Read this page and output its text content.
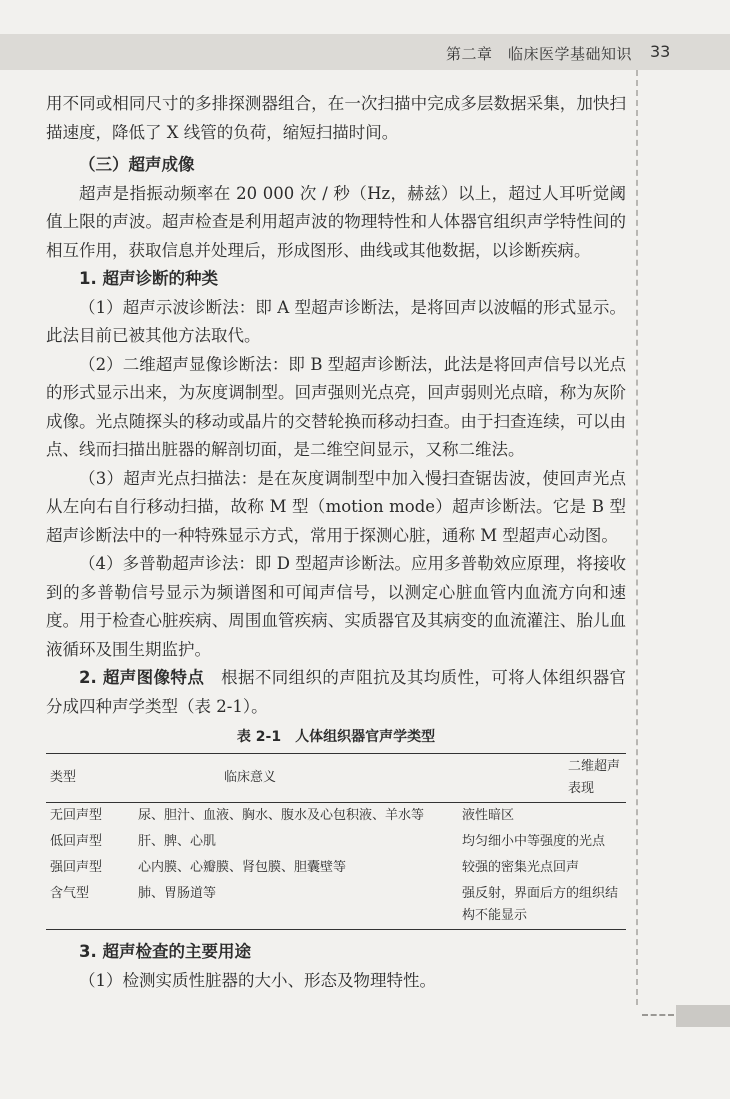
第二章　临床医学基础知识 33

用不同或相同尺寸的多排探测器组合，在一次扫描中完成多层数据采集，加快扫描速度，降低了 X 线管的负荷，缩短扫描时间。

（三）超声成像

超声是指振动频率在 20 000 次 / 秒（Hz，赫兹）以上，超过人耳听觉阈值上限的声波。超声检查是利用超声波的物理特性和人体器官组织声学特性间的相互作用，获取信息并处理后，形成图形、曲线或其他数据，以诊断疾病。

1. 超声诊断的种类

（1）超声示波诊断法：即 A 型超声诊断法，是将回声以波幅的形式显示。此法目前已被其他方法取代。

（2）二维超声显像诊断法：即 B 型超声诊断法，此法是将回声信号以光点的形式显示出来，为灰度调制型。回声强则光点亮，回声弱则光点暗，称为灰阶成像。光点随探头的移动或晶片的交替轮换而移动扫查。由于扫查连续，可以由点、线而扫描出脏器的解剖切面，是二维空间显示，又称二维法。

（3）超声光点扫描法：是在灰度调制型中加入慢扫查锯齿波，使回声光点从左向右自行移动扫描，故称 M 型（motion mode）超声诊断法。它是 B 型超声诊断法中的一种特殊显示方式，常用于探测心脏，通称 M 型超声心动图。

（4）多普勒超声诊法：即 D 型超声诊断法。应用多普勒效应原理，将接收到的多普勒信号显示为频谱图和可闻声信号，以测定心脏血管内血流方向和速度。用于检查心脏疾病、周围血管疾病、实质器官及其病变的血流灌注、胎儿血液循环及围生期监护。

2. 超声图像特点　 根据不同组织的声阻抗及其均质性，可将人体组织器官分成四种声学类型（表 2-1）。

表 2-1　人体组织器官声学类型
类型	临床意义	二维超声表现
无回声型	尿、胆汁、血液、胸水、腹水及心包积液、羊水等	液性暗区
低回声型	肝、脾、心肌	均匀细小中等强度的光点
强回声型	心内膜、心瓣膜、肾包膜、胆囊壁等	较强的密集光点回声
含气型	肺、胃肠道等	强反射，界面后方的组织结构不能显示

3. 超声检查的主要用途

（1）检测实质性脏器的大小、形态及物理特性。
